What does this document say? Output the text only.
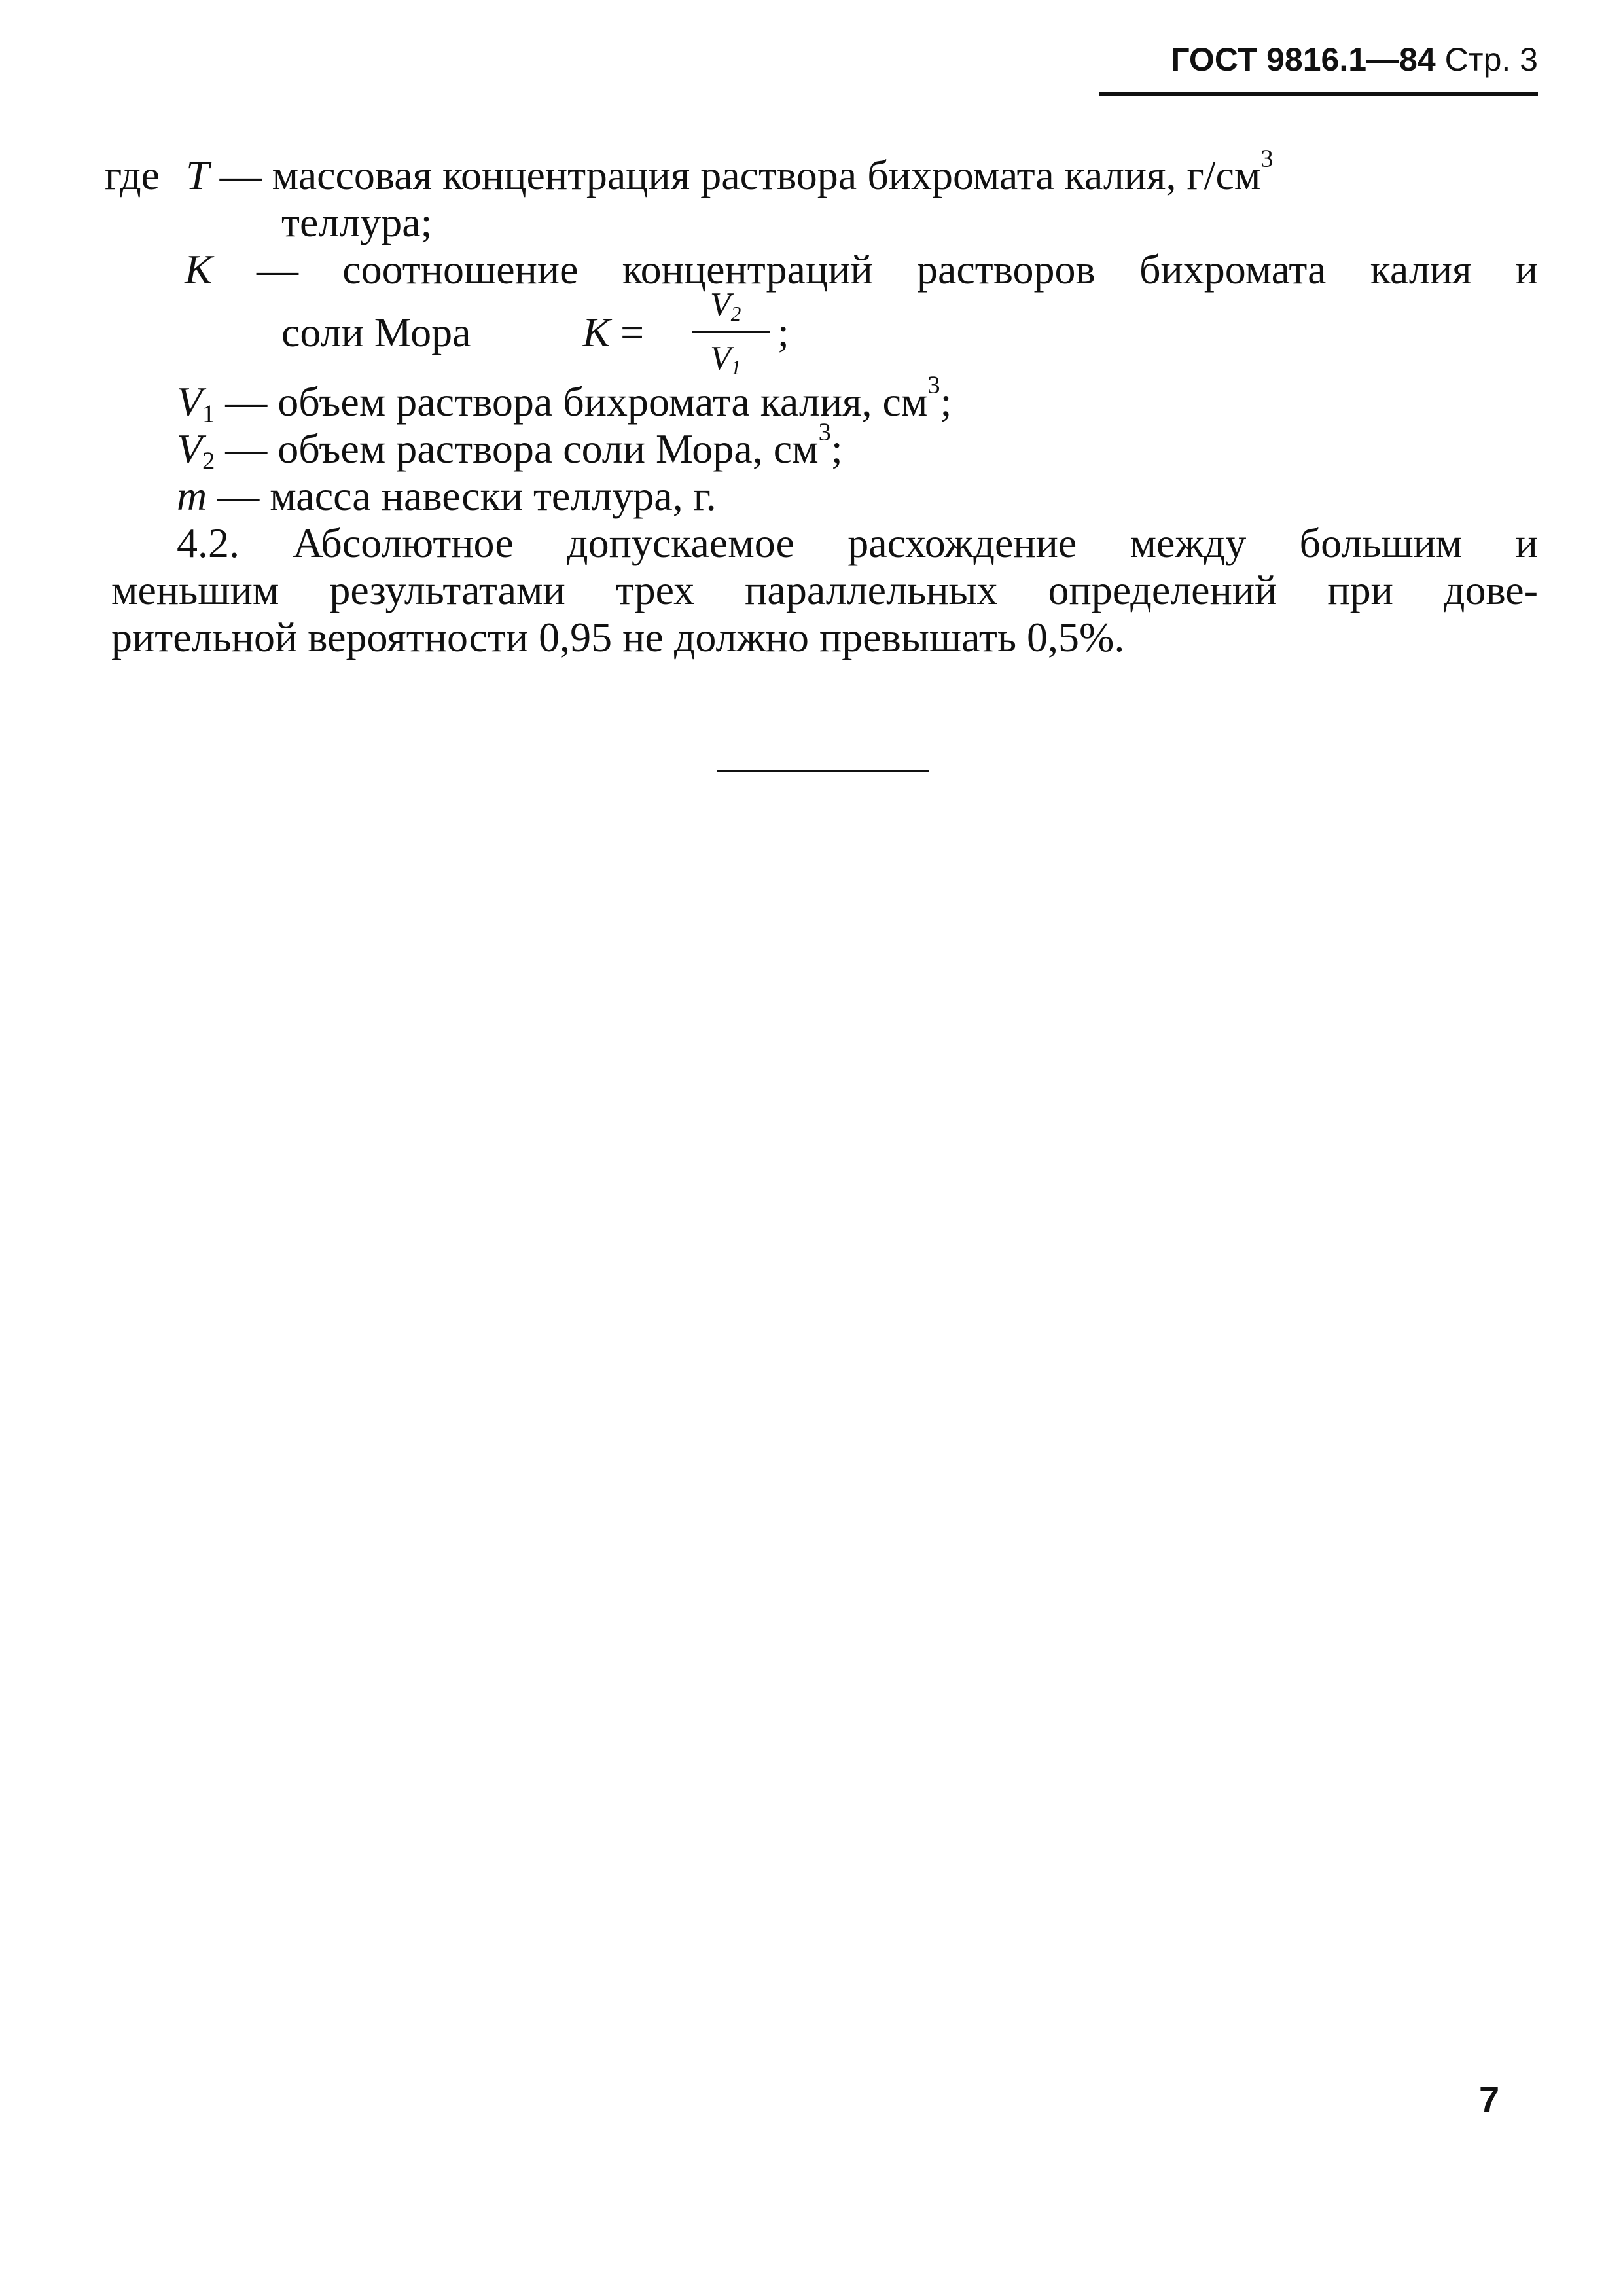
ГОСТ 9816.1—84 Стр. 3
где T — массовая концентрация раствора бихромата калия, $г/см^3$
теллура;
K — соотношение концентраций растворов бихромата калия и
соли Мора	K =
$V_2$
$V_1$
;
$V_1$ — объем раствора бихромата калия, $см^3$;
$V_2$ — объем раствора соли Мора, $см^3$;
m — масса навески теллура, г.
4.2. Абсолютное допускаемое расхождение между большим и
меньшим результатами трех параллельных определений при дове-
рительной вероятности 0,95 не должно превышать 0,5%.
7
